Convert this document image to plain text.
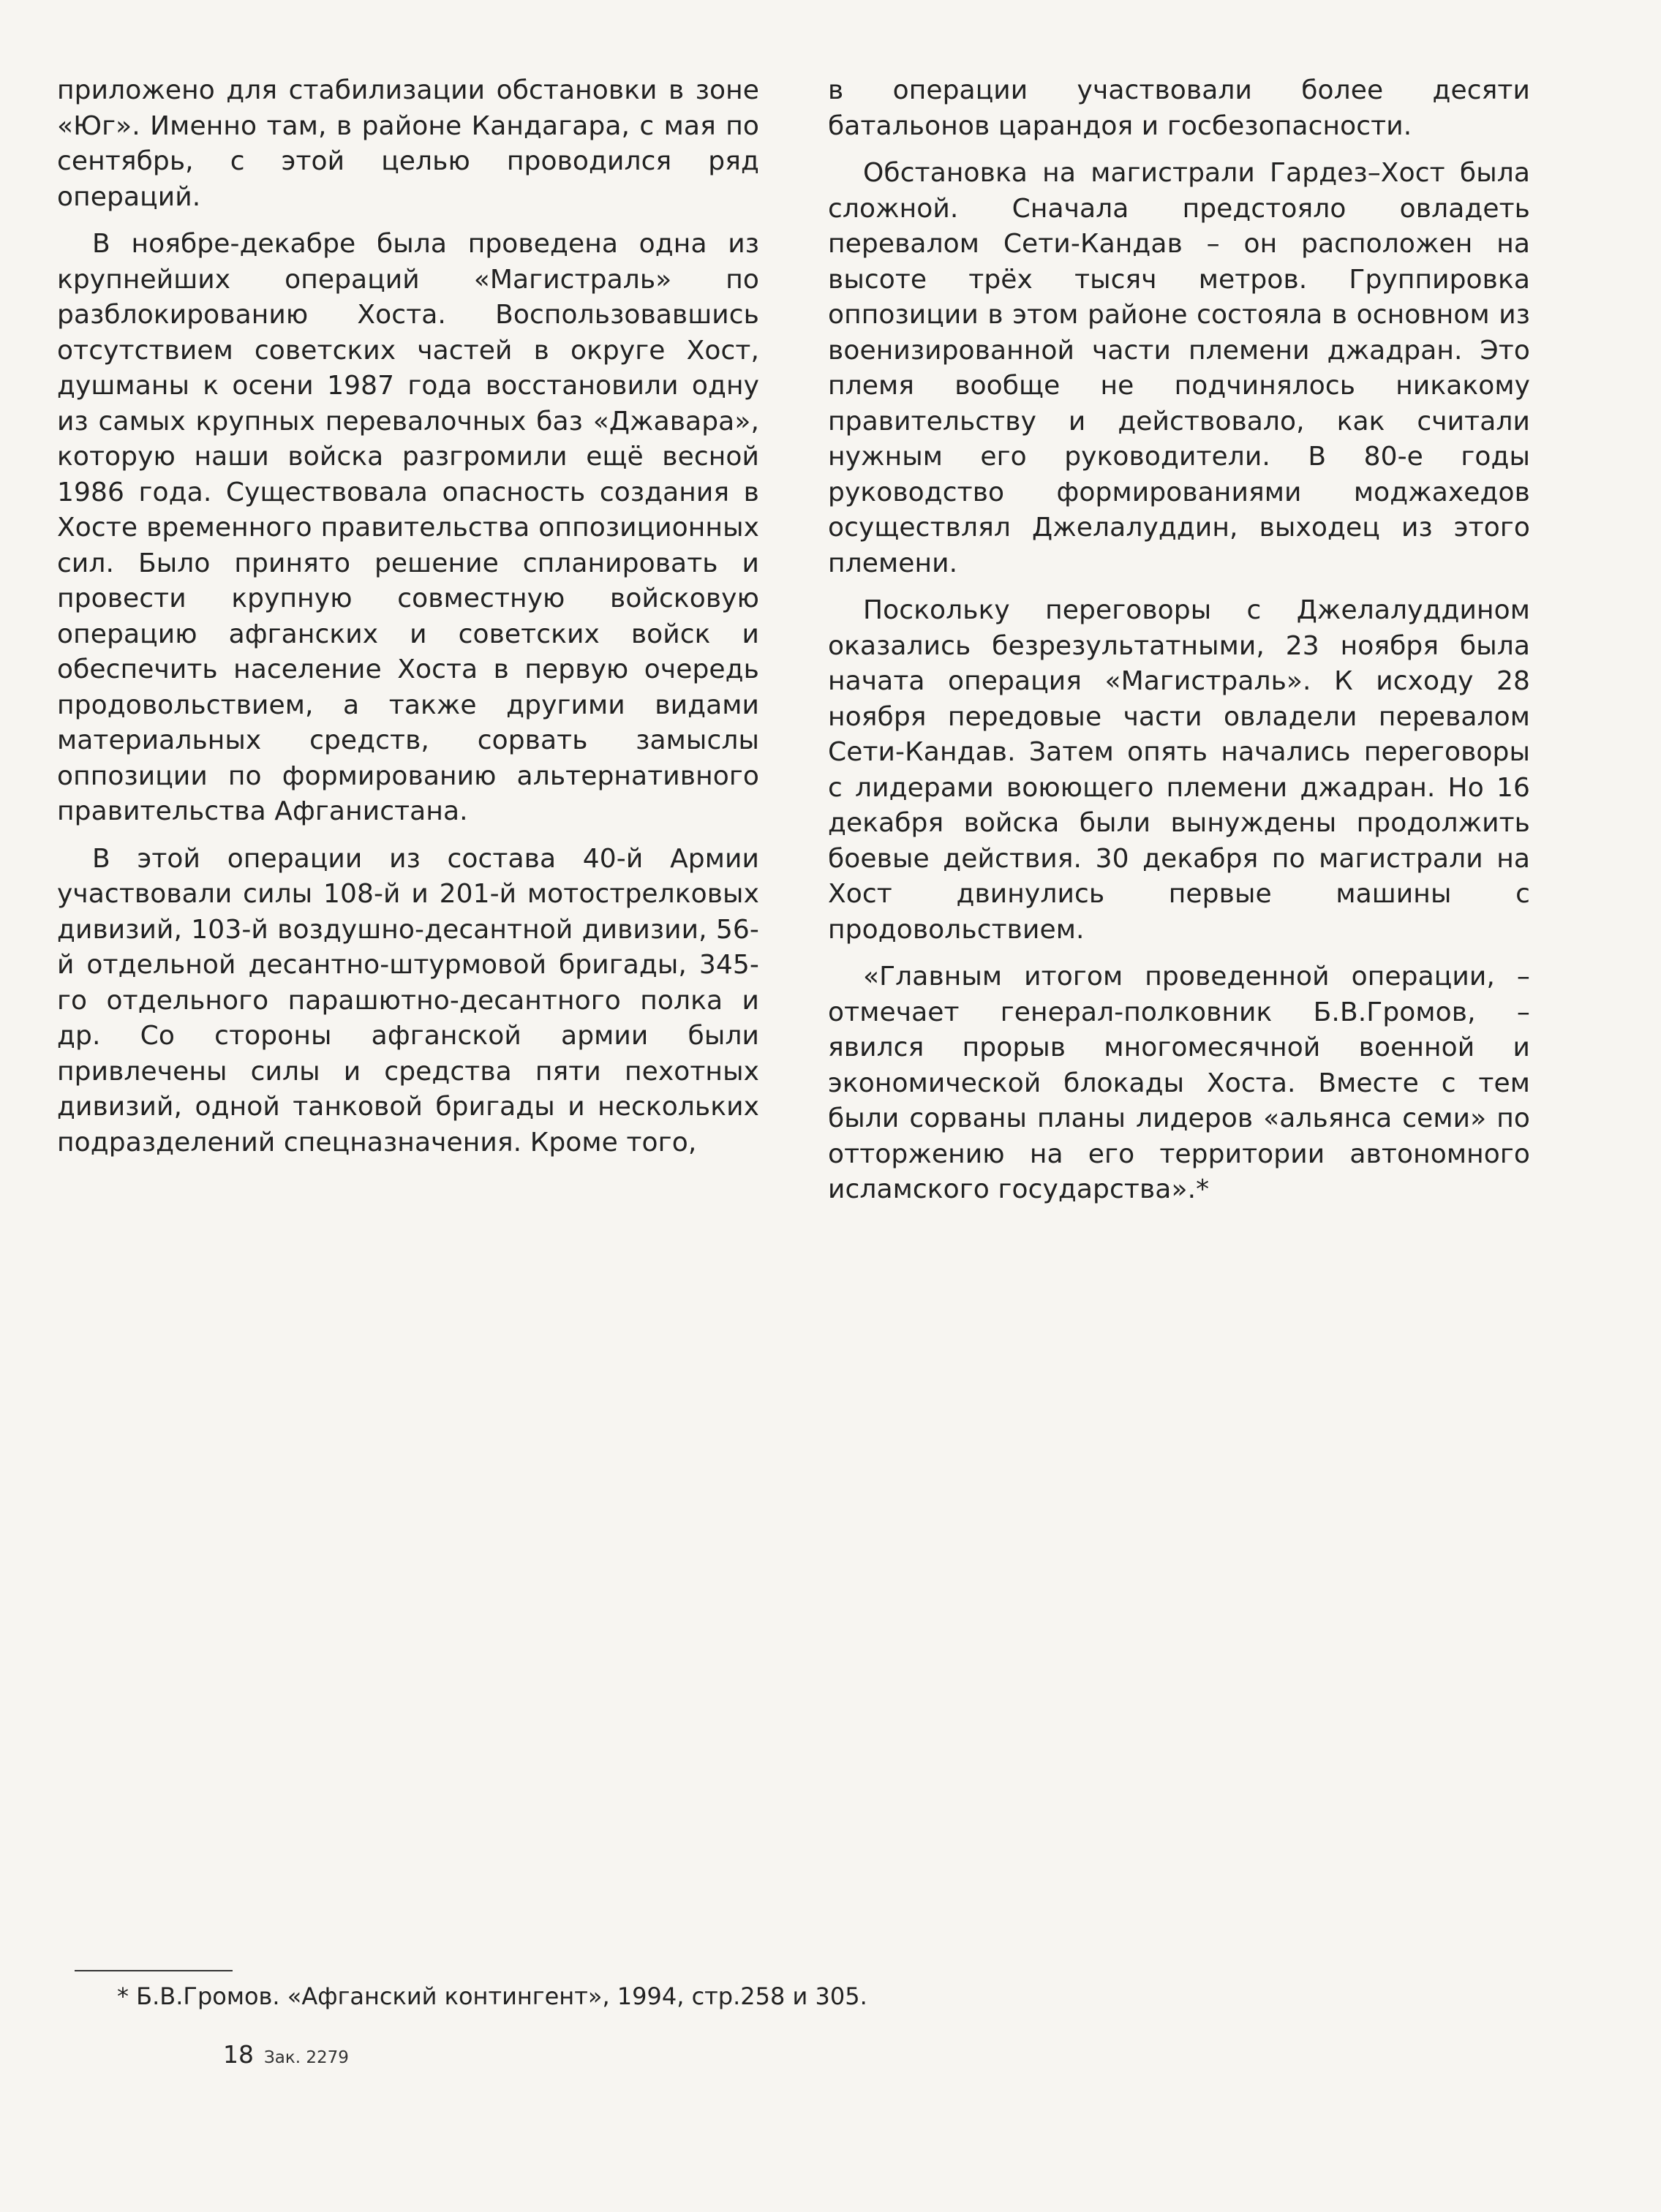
приложено для стабилизации обстановки в зоне «Юг». Именно там, в районе Кандагара, с мая по сентябрь, с этой целью проводился ряд операций.

В ноябре-декабре была проведена одна из крупнейших операций «Магистраль» по разблокированию Хоста. Воспользовавшись отсутствием советских частей в округе Хост, душманы к осени 1987 года восстановили одну из самых крупных перевалочных баз «Джавара», которую наши войска разгромили ещё весной 1986 года. Существовала опасность создания в Хосте временного правительства оппозиционных сил. Было принято решение спланировать и провести крупную совместную войсковую операцию афганских и советских войск и обеспечить население Хоста в первую очередь продовольствием, а также другими видами материальных средств, сорвать замыслы оппозиции по формированию альтернативного правительства Афганистана.

В этой операции из состава 40-й Армии участвовали силы 108-й и 201-й мотострелковых дивизий, 103-й воздушно-десантной дивизии, 56-й отдельной десантно-штурмовой бригады, 345-го отдельного парашютно-десантного полка и др. Со стороны афганской армии были привлечены силы и средства пяти пехотных дивизий, одной танковой бригады и нескольких подразделений спецназначения. Кроме того,

в операции участвовали более десяти батальонов царандоя и госбезопасности.

Обстановка на магистрали Гардез–Хост была сложной. Сначала предстояло овладеть перевалом Сети-Кандав – он расположен на высоте трёх тысяч метров. Группировка оппозиции в этом районе состояла в основном из военизированной части племени джадран. Это племя вообще не подчинялось никакому правительству и действовало, как считали нужным его руководители. В 80-е годы руководство формированиями моджахедов осуществлял Джелалуддин, выходец из этого племени.

Поскольку переговоры с Джелалуддином оказались безрезультатными, 23 ноября была начата операция «Магистраль». К исходу 28 ноября передовые части овладели перевалом Сети-Кандав. Затем опять начались переговоры с лидерами воюющего племени джадран. Но 16 декабря войска были вынуждены продолжить боевые действия. 30 декабря по магистрали на Хост двинулись первые машины с продовольствием.

«Главным итогом проведенной операции, – отмечает генерал-полковник Б.В.Громов, – явился прорыв многомесячной военной и экономической блокады Хоста. Вместе с тем были сорваны планы лидеров «альянса семи» по отторжению на его территории автономного исламского государства».*

* Б.В.Громов. «Афганский контингент», 1994, стр.258 и 305.
18 Зак. 2279
